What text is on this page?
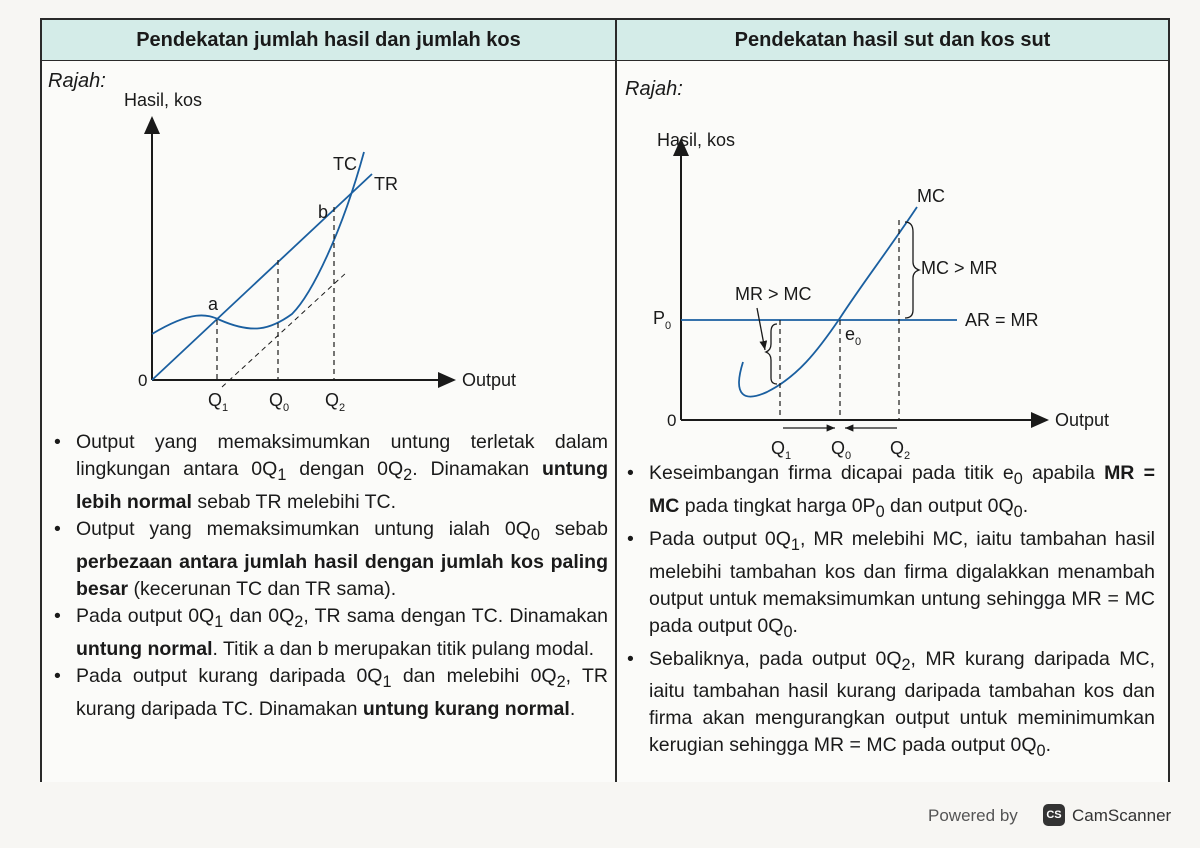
Pendekatan jumlah hasil dan jumlah kos	Pendekatan hasil sut dan kos sut
Rajah:
Hasil, kos
Output
0
TC
TR
a
b
$Q_1$ $Q_0$ $Q_2$
• Output yang memaksimumkan untung terletak dalam lingkungan antara $0Q_1$ dengan $0Q_2$. Dinamakan untung lebih normal sebab TR melebihi TC.
• Output yang memaksimumkan untung ialah $0Q_0$ sebab perbezaan antara jumlah hasil dengan jumlah kos paling besar (kecerunan TC dan TR sama).
• Pada output $0Q_1$ dan $0Q_2$, TR sama dengan TC. Dinamakan untung normal. Titik a dan b merupakan titik pulang modal.
• Pada output kurang daripada $0Q_1$ dan melebihi $0Q_2$, TR kurang daripada TC. Dinamakan untung kurang normal.
Rajah:
Hasil, kos
Output
0
$P_0$	AR = MR
MC
$e_0$
MC > MR
MR > MC
$Q_1$ $Q_0$ $Q_2$
• Keseimbangan firma dicapai pada titik $e_0$ apabila MR = MC pada tingkat harga $0P_0$ dan output $0Q_0$.
• Pada output $0Q_1$, MR melebihi MC, iaitu tambahan hasil melebihi tambahan kos dan firma digalakkan menambah output untuk memaksimumkan untung sehingga MR = MC pada output $0Q_0$.
• Sebaliknya, pada output $0Q_2$, MR kurang daripada MC, iaitu tambahan hasil kurang daripada tambahan kos dan firma akan mengurangkan output untuk meminimumkan kerugian sehingga MR = MC pada output $0Q_0$.
Powered by	CS CamScanner
